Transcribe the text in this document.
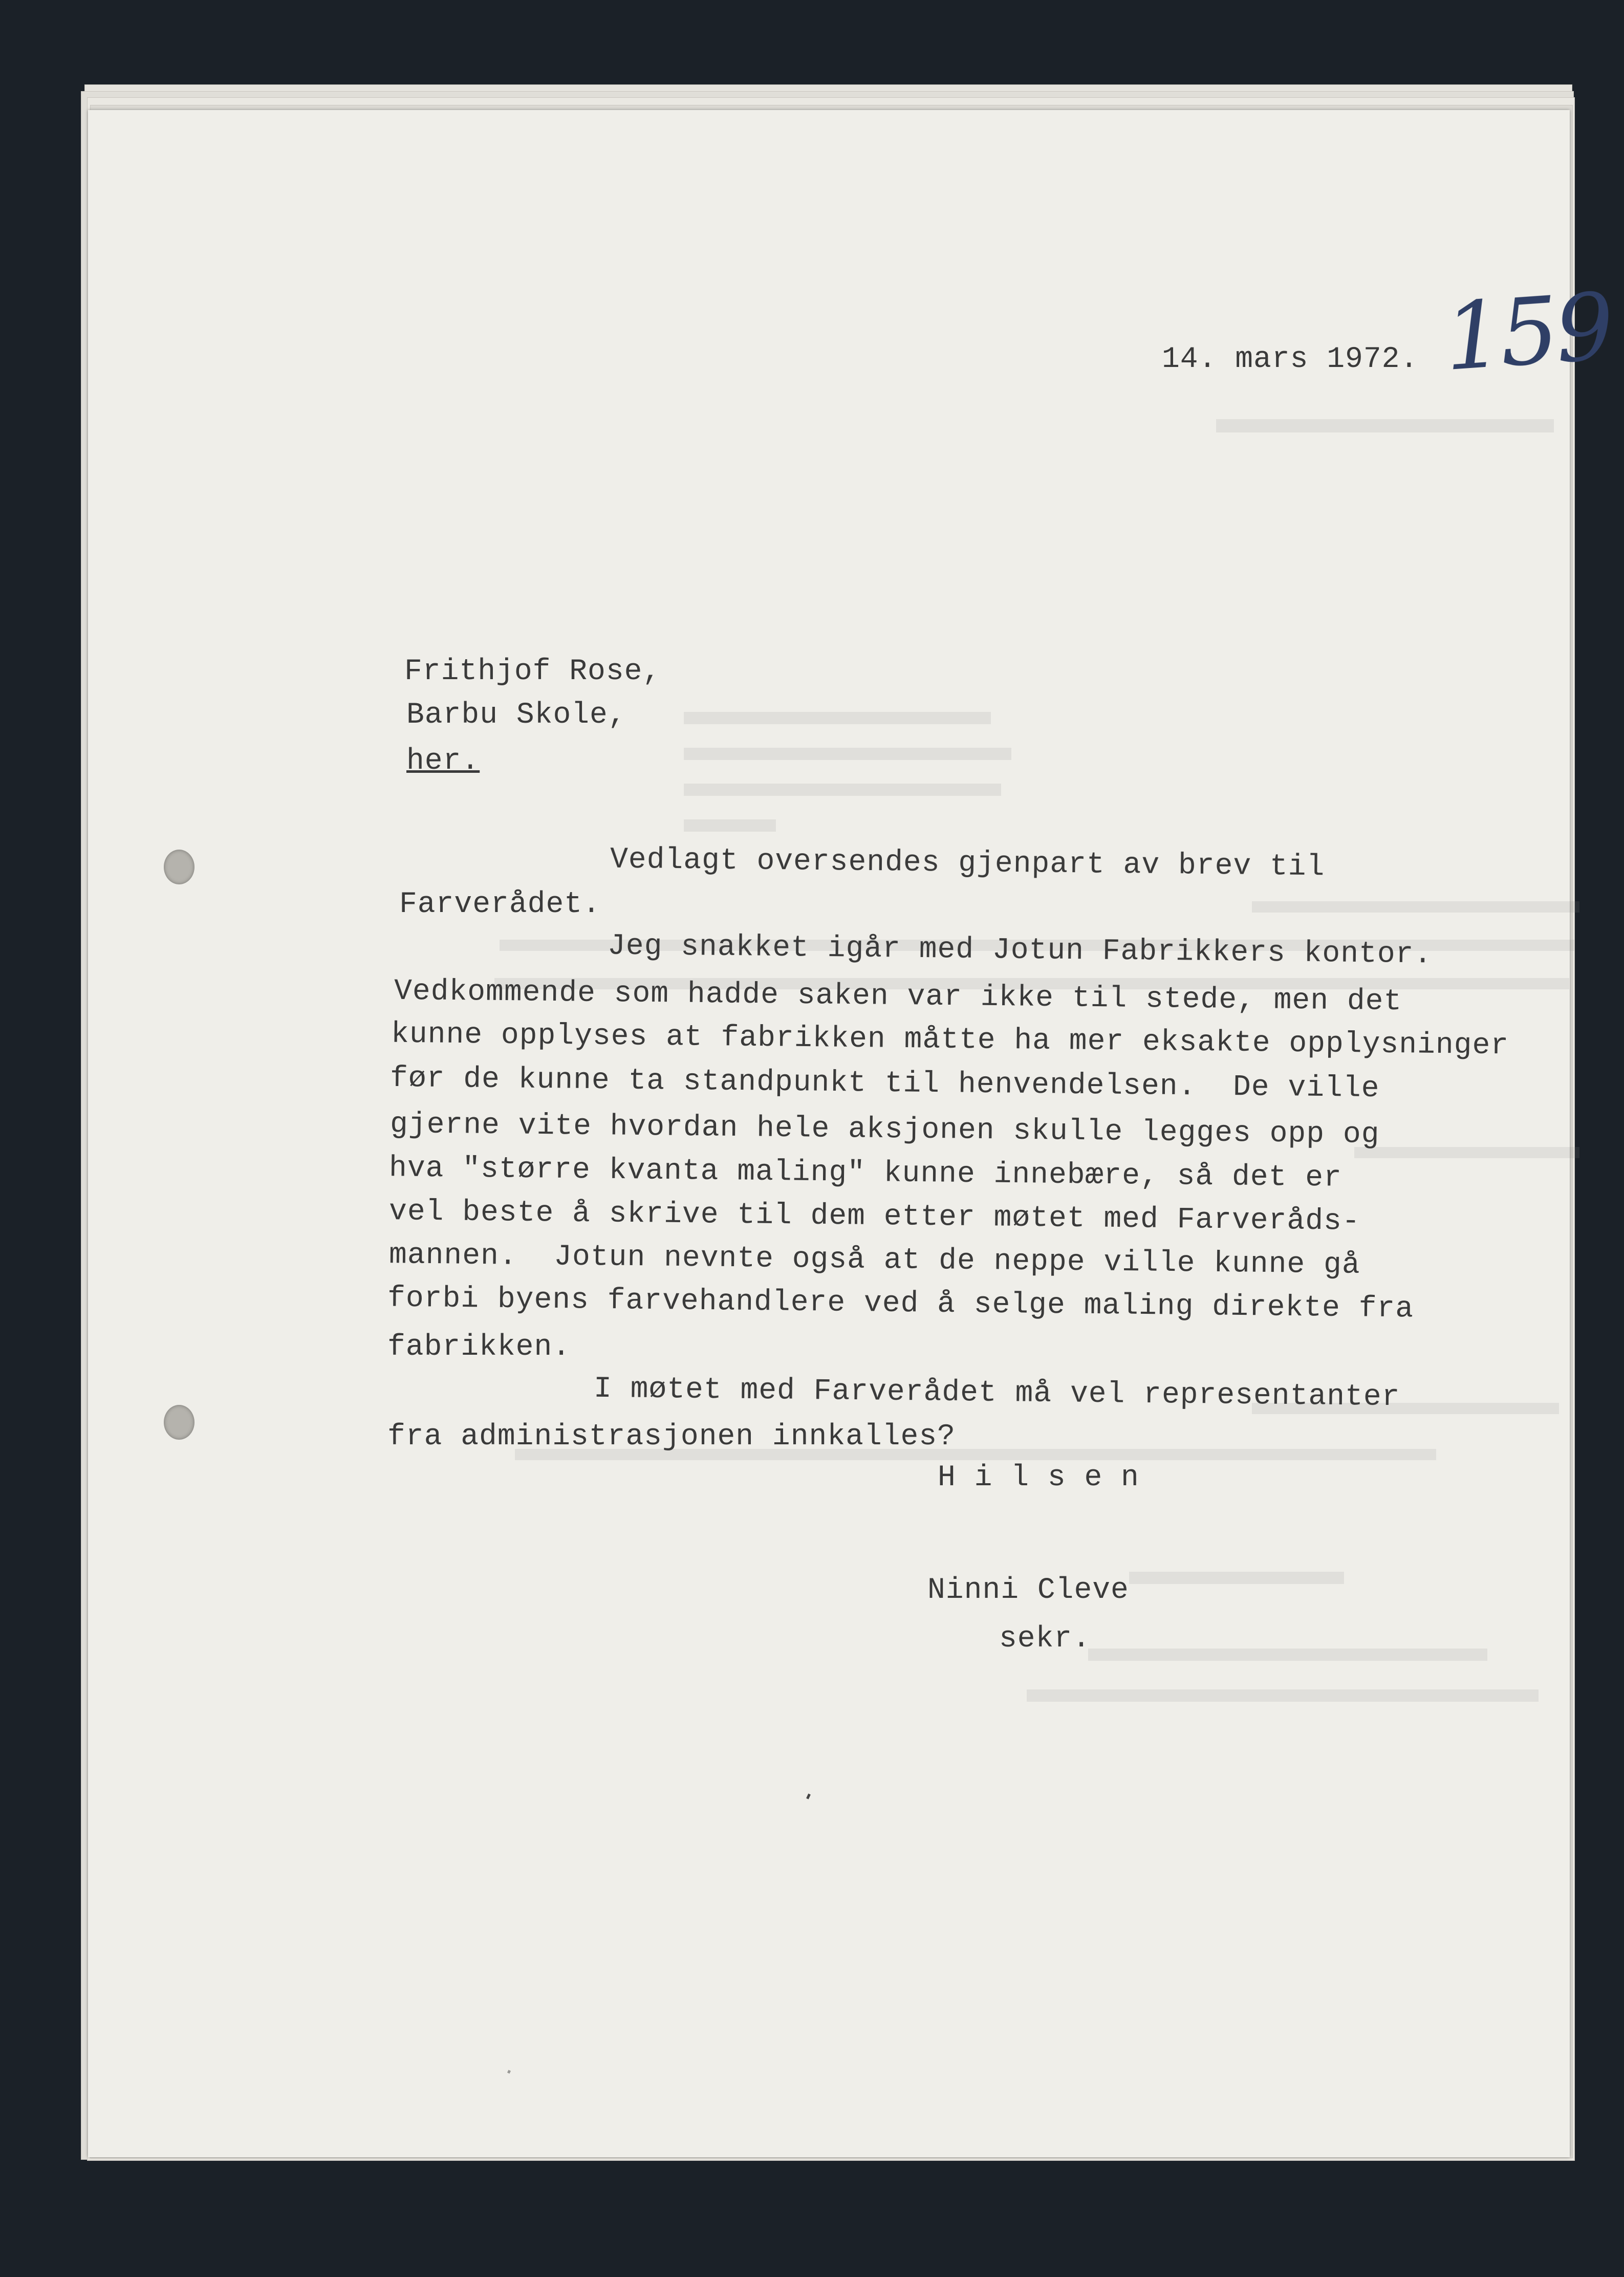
159
14. mars 1972.
Frithjof Rose,
Barbu Skole,
her.
Vedlagt oversendes gjenpart av brev til
Farverådet.
Jeg snakket igår med Jotun Fabrikkers kontor.
Vedkommende som hadde saken var ikke til stede, men det
kunne opplyses at fabrikken måtte ha mer eksakte opplysninger
før de kunne ta standpunkt til henvendelsen.  De ville
gjerne vite hvordan hele aksjonen skulle legges opp og
hva "større kvanta maling" kunne innebære, så det er
vel beste å skrive til dem etter møtet med Farveråds-
mannen.  Jotun nevnte også at de neppe ville kunne gå
forbi byens farvehandlere ved å selge maling direkte fra
fabrikken.
I møtet med Farverådet må vel representanter
fra administrasjonen innkalles?
H i l s e n
Ninni Cleve
sekr.
